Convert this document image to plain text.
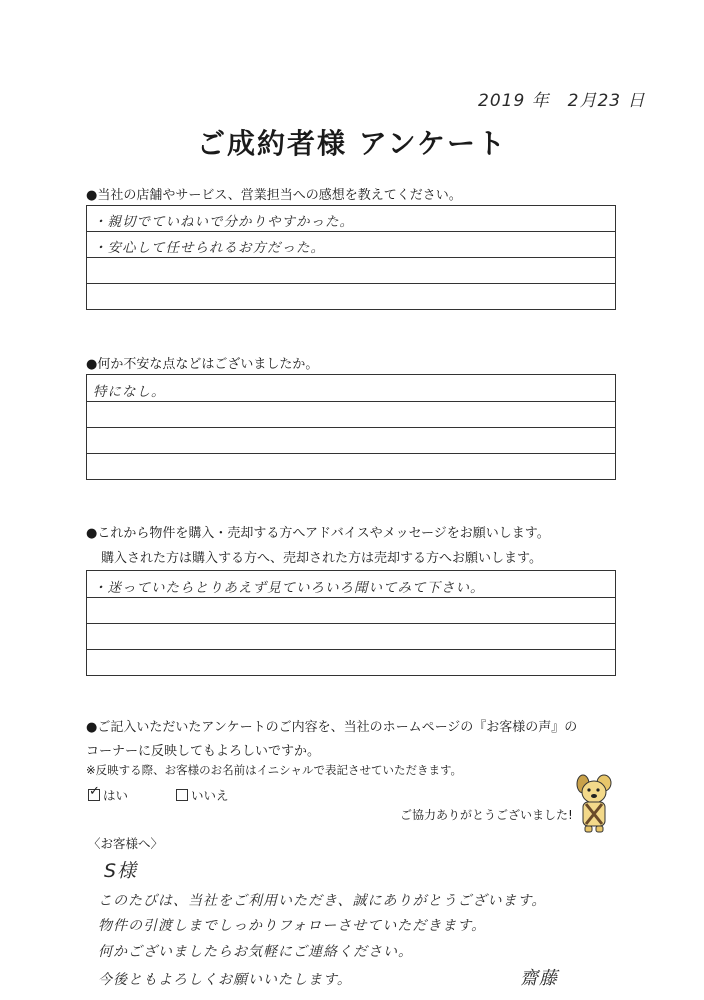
2019 年　2月23 日
ご成約者様 アンケート
●当社の店舗やサービス、営業担当への感想を教えてください。
・親切でていねいで分かりやすかった。
・安心して任せられるお方だった。
●何か不安な点などはございましたか。
特になし。
●これから物件を購入・売却する方へアドバイスやメッセージをお願いします。
購入された方は購入する方へ、売却された方は売却する方へお願いします。
・迷っていたらとりあえず見ていろいろ聞いてみて下さい。
●ご記入いただいたアンケートのご内容を、当社のホームページの『お客様の声』の
コーナーに反映してもよろしいですか。
※反映する際、お客様のお名前はイニシャルで表記させていただきます。
✓ はい	いいえ
ご協力ありがとうございました!
〈お客様へ〉
S様
このたびは、当社をご利用いただき、誠にありがとうございます。
物件の引渡しまでしっかりフォローさせていただきます。
何かございましたらお気軽にご連絡ください。
今後ともよろしくお願いいたします。	齋藤
